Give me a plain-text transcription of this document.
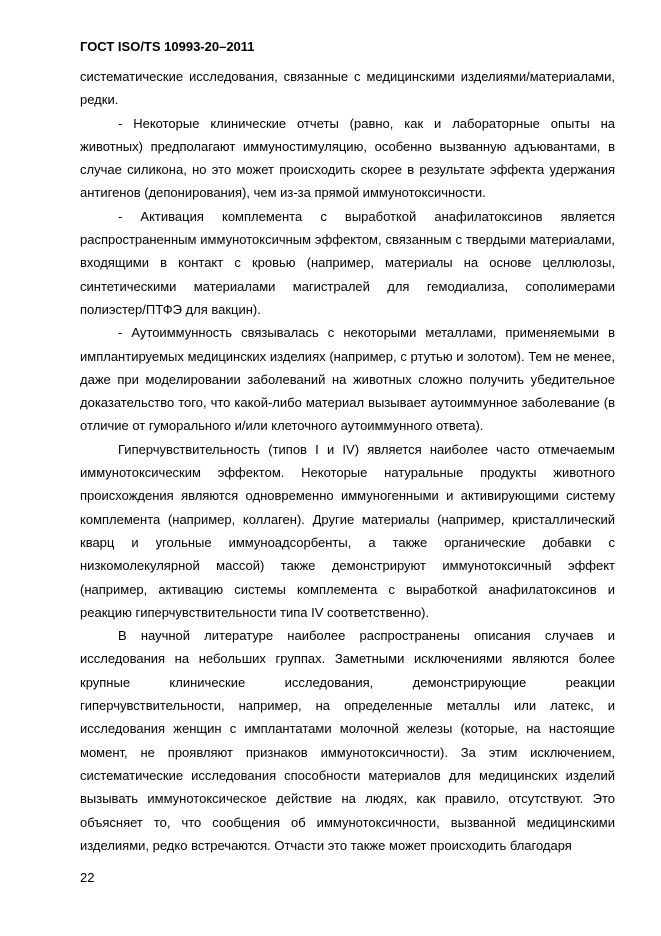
ГОСТ ISO/TS 10993-20–2011

систематические исследования, связанные с медицинскими изделиями/материалами, редки.

- Некоторые клинические отчеты (равно, как и лабораторные опыты на животных) предполагают иммуностимуляцию, особенно вызванную адъювантами, в случае силикона, но это может происходить скорее в результате эффекта удержания антигенов (депонирования), чем из-за прямой иммунотоксичности.

- Активация комплемента с выработкой анафилатоксинов является распространенным иммунотоксичным эффектом, связанным с твердыми материалами, входящими в контакт с кровью (например, материалы на основе целлюлозы, синтетическими материалами магистралей для гемодиализа, сополимерами полиэстер/ПТФЭ для вакцин).

- Аутоиммунность связывалась с некоторыми металлами, применяемыми в имплантируемых медицинских изделиях (например, с ртутью и золотом). Тем не менее, даже при моделировании заболеваний на животных сложно получить убедительное доказательство того, что какой-либо материал вызывает аутоиммунное заболевание (в отличие от гуморального и/или клеточного аутоиммунного ответа).

Гиперчувствительность (типов I и IV) является наиболее часто отмечаемым иммунотоксическим эффектом. Некоторые натуральные продукты животного происхождения являются одновременно иммуногенными и активирующими систему комплемента (например, коллаген). Другие материалы (например, кристаллический кварц и угольные иммуноадсорбенты, а также органические добавки с низкомолекулярной массой) также демонстрируют иммунотоксичный эффект (например, активацию системы комплемента с выработкой анафилатоксинов и реакцию гиперчувствительности типа IV соответственно).

В научной литературе наиболее распространены описания случаев и исследования на небольших группах. Заметными исключениями являются более крупные клинические исследования, демонстрирующие реакции гиперчувствительности, например, на определенные металлы или латекс, и исследования женщин с имплантатами молочной железы (которые, на настоящие момент, не проявляют признаков иммунотоксичности). За этим исключением, систематические исследования способности материалов для медицинских изделий вызывать иммунотоксическое действие на людях, как правило, отсутствуют. Это объясняет то, что сообщения об иммунотоксичности, вызванной медицинскими изделиями, редко встречаются. Отчасти это также может происходить благодаря

22
